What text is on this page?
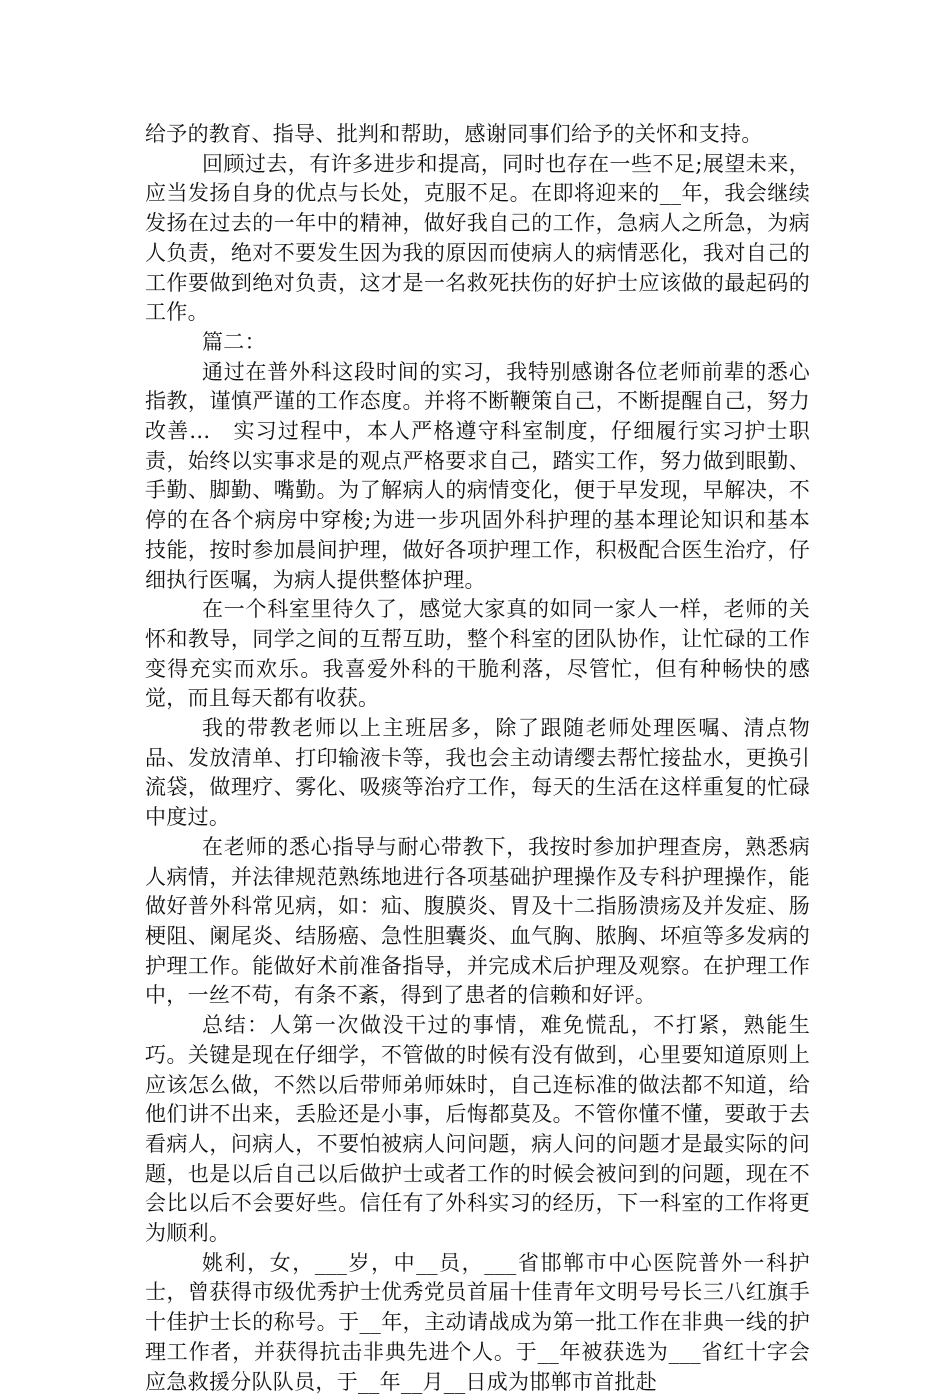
给予的教育、指导、批判和帮助，感谢同事们给予的关怀和支持。

回顾过去，有许多进步和提高，同时也存在一些不足;展望未来，应当发扬自身的优点与长处，克服不足。在即将迎来的__年，我会继续发扬在过去的一年中的精神，做好我自己的工作，急病人之所急，为病人负责，绝对不要发生因为我的原因而使病人的病情恶化，我对自己的工作要做到绝对负责，这才是一名救死扶伤的好护士应该做的最起码的工作。

篇二：

通过在普外科这段时间的实习，我特别感谢各位老师前辈的悉心指教，谨慎严谨的工作态度。并将不断鞭策自己，不断提醒自己，努力改善...　实习过程中，本人严格遵守科室制度，仔细履行实习护士职责，始终以实事求是的观点严格要求自己，踏实工作，努力做到眼勤、手勤、脚勤、嘴勤。为了解病人的病情变化，便于早发现，早解决，不停的在各个病房中穿梭;为进一步巩固外科护理的基本理论知识和基本技能，按时参加晨间护理，做好各项护理工作，积极配合医生治疗，仔细执行医嘱，为病人提供整体护理。

在一个科室里待久了，感觉大家真的如同一家人一样，老师的关怀和教导，同学之间的互帮互助，整个科室的团队协作，让忙碌的工作变得充实而欢乐。我喜爱外科的干脆利落，尽管忙，但有种畅快的感觉，而且每天都有收获。

我的带教老师以上主班居多，除了跟随老师处理医嘱、清点物品、发放清单、打印输液卡等，我也会主动请缨去帮忙接盐水，更换引流袋，做理疗、雾化、吸痰等治疗工作，每天的生活在这样重复的忙碌中度过。

在老师的悉心指导与耐心带教下，我按时参加护理查房，熟悉病人病情，并法律规范熟练地进行各项基础护理操作及专科护理操作，能做好普外科常见病，如：疝、腹膜炎、胃及十二指肠溃疡及并发症、肠梗阻、阑尾炎、结肠癌、急性胆囊炎、血气胸、脓胸、坏疸等多发病的护理工作。能做好术前准备指导，并完成术后护理及观察。在护理工作中，一丝不苟，有条不紊，得到了患者的信赖和好评。

总结：人第一次做没干过的事情，难免慌乱，不打紧，熟能生巧。关键是现在仔细学，不管做的时候有没有做到，心里要知道原则上应该怎么做，不然以后带师弟师妹时，自己连标准的做法都不知道，给他们讲不出来，丢脸还是小事，后悔都莫及。不管你懂不懂，要敢于去看病人，问病人，不要怕被病人问问题，病人问的问题才是最实际的问题，也是以后自己以后做护士或者工作的时候会被问到的问题，现在不会比以后不会要好些。信任有了外科实习的经历，下一科室的工作将更为顺利。

姚利，女，___岁，中__员，___省邯郸市中心医院普外一科护士，曾获得市级优秀护士优秀党员首届十佳青年文明号号长三八红旗手十佳护士长的称号。于__年，主动请战成为第一批工作在非典一线的护理工作者，并获得抗击非典先进个人。于__年被获选为___省红十字会应急救援分队队员，于__年__月__日成为邯郸市首批赴
